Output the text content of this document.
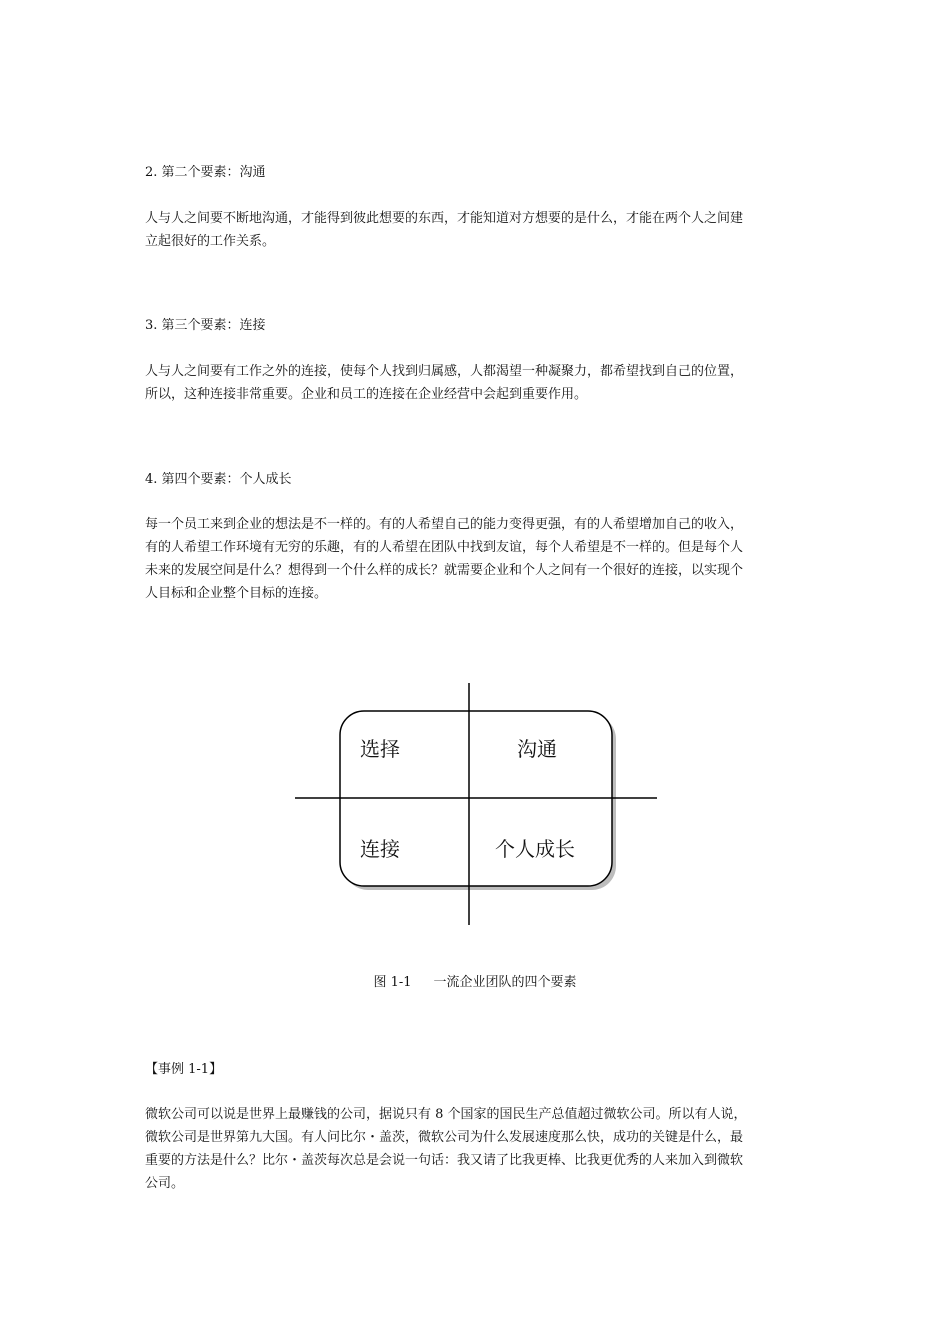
2. 第二个要素：沟通
人与人之间要不断地沟通，才能得到彼此想要的东西，才能知道对方想要的是什么，才能在两个人之间建
立起很好的工作关系。
3. 第三个要素：连接
人与人之间要有工作之外的连接，使每个人找到归属感，人都渴望一种凝聚力，都希望找到自己的位置，
所以，这种连接非常重要。企业和员工的连接在企业经营中会起到重要作用。
4. 第四个要素：个人成长
每一个员工来到企业的想法是不一样的。有的人希望自己的能力变得更强，有的人希望增加自己的收入，
有的人希望工作环境有无穷的乐趣，有的人希望在团队中找到友谊，每个人希望是不一样的。但是每个人
未来的发展空间是什么？想得到一个什么样的成长？就需要企业和个人之间有一个很好的连接，以实现个
人目标和企业整个目标的连接。
选择	沟通
连接	个人成长
图 1-1 一流企业团队的四个要素
【事例 1-1】
微软公司可以说是世界上最赚钱的公司，据说只有 8 个国家的国民生产总值超过微软公司。所以有人说，
微软公司是世界第九大国。有人问比尔・盖茨，微软公司为什么发展速度那么快，成功的关键是什么，最
重要的方法是什么？比尔・盖茨每次总是会说一句话：我又请了比我更棒、比我更优秀的人来加入到微软
公司。
